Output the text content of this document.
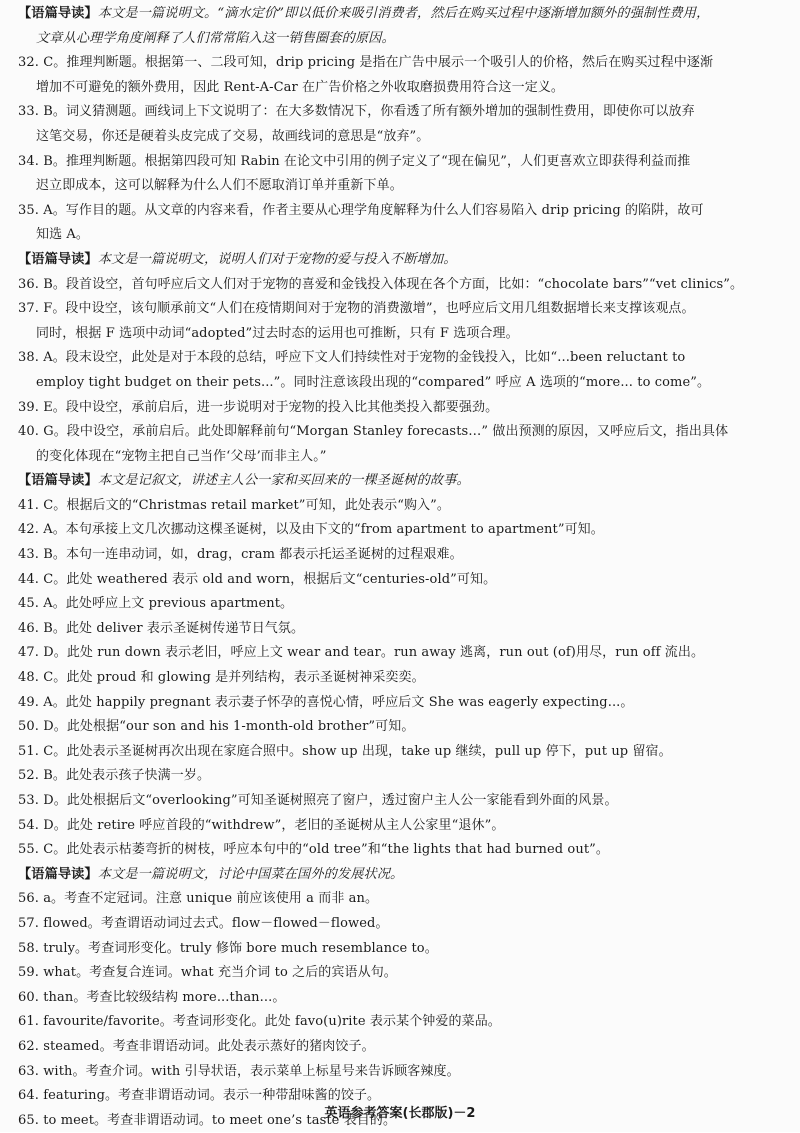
【语篇导读】本文是一篇说明文。“滴水定价”即以低价来吸引消费者，然后在购买过程中逐渐增加额外的强制性费用，
文章从心理学角度阐释了人们常常陷入这一销售圈套的原因。
32. C。推理判断题。根据第一、二段可知，drip pricing 是指在广告中展示一个吸引人的价格，然后在购买过程中逐渐
增加不可避免的额外费用，因此 Rent-A-Car 在广告价格之外收取磨损费用符合这一定义。
33. B。词义猜测题。画线词上下文说明了：在大多数情况下，你看透了所有额外增加的强制性费用，即使你可以放弃
这笔交易，你还是硬着头皮完成了交易，故画线词的意思是“放弃”。
34. B。推理判断题。根据第四段可知 Rabin 在论文中引用的例子定义了“现在偏见”，人们更喜欢立即获得利益而推
迟立即成本，这可以解释为什么人们不愿取消订单并重新下单。
35. A。写作目的题。从文章的内容来看，作者主要从心理学角度解释为什么人们容易陷入 drip pricing 的陷阱，故可
知选 A。
【语篇导读】本文是一篇说明文，说明人们对于宠物的爱与投入不断增加。
36. B。段首设空，首句呼应后文人们对于宠物的喜爱和金钱投入体现在各个方面，比如：“chocolate bars”“vet clinics”。
37. F。段中设空，该句顺承前文“人们在疫情期间对于宠物的消费激增”，也呼应后文用几组数据增长来支撑该观点。
同时，根据 F 选项中动词“adopted”过去时态的运用也可推断，只有 F 选项合理。
38. A。段末设空，此处是对于本段的总结，呼应下文人们持续性对于宠物的金钱投入，比如“...been reluctant to
employ tight budget on their pets...”。同时注意该段出现的“compared” 呼应 A 选项的“more... to come”。
39. E。段中设空，承前启后，进一步说明对于宠物的投入比其他类投入都要强劲。
40. G。段中设空，承前启后。此处即解释前句“Morgan Stanley forecasts…” 做出预测的原因，又呼应后文，指出具体
的变化体现在“宠物主把自己当作‘父母’而非主人。”
【语篇导读】本文是记叙文，讲述主人公一家和买回来的一棵圣诞树的故事。
41. C。根据后文的“Christmas retail market”可知，此处表示“购入”。
42. A。本句承接上文几次挪动这棵圣诞树，以及由下文的“from apartment to apartment”可知。
43. B。本句一连串动词，如，drag，cram 都表示托运圣诞树的过程艰难。
44. C。此处 weathered 表示 old and worn，根据后文“centuries-old”可知。
45. A。此处呼应上文 previous apartment。
46. B。此处 deliver 表示圣诞树传递节日气氛。
47. D。此处 run down 表示老旧，呼应上文 wear and tear。run away 逃离，run out (of)用尽，run off 流出。
48. C。此处 proud 和 glowing 是并列结构，表示圣诞树神采奕奕。
49. A。此处 happily pregnant 表示妻子怀孕的喜悦心情，呼应后文 She was eagerly expecting...。
50. D。此处根据“our son and his 1-month-old brother”可知。
51. C。此处表示圣诞树再次出现在家庭合照中。show up 出现，take up 继续，pull up 停下，put up 留宿。
52. B。此处表示孩子快满一岁。
53. D。此处根据后文“overlooking”可知圣诞树照亮了窗户，透过窗户主人公一家能看到外面的风景。
54. D。此处 retire 呼应首段的“withdrew”，老旧的圣诞树从主人公家里“退休”。
55. C。此处表示枯萎弯折的树枝，呼应本句中的“old tree”和“the lights that had burned out”。
【语篇导读】本文是一篇说明文，讨论中国菜在国外的发展状况。
56. a。考查不定冠词。注意 unique 前应该使用 a 而非 an。
57. flowed。考查谓语动词过去式。flow－flowed－flowed。
58. truly。考查词形变化。truly 修饰 bore much resemblance to。
59. what。考查复合连词。what 充当介词 to 之后的宾语从句。
60. than。考查比较级结构 more...than...。
61. favourite/favorite。考查词形变化。此处 favo(u)rite 表示某个钟爱的菜品。
62. steamed。考查非谓语动词。此处表示蒸好的猪肉饺子。
63. with。考查介词。with 引导状语，表示菜单上标星号来告诉顾客辣度。
64. featuring。考查非谓语动词。表示一种带甜味酱的饺子。
65. to meet。考查非谓语动词。to meet one’s taste 表目的。
英语参考答案(长郡版)－2
